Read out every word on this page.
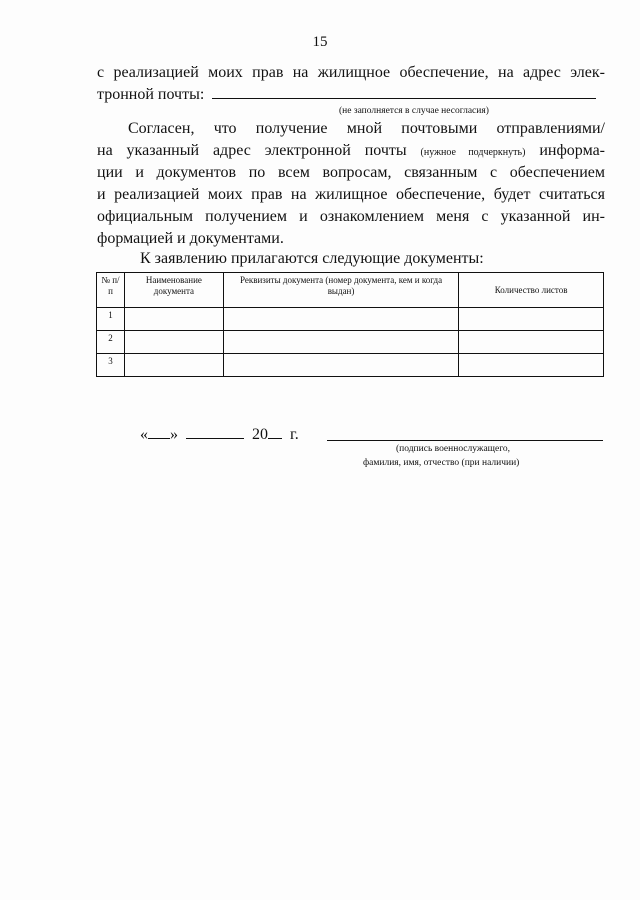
15
с реализацией моих прав на жилищное обеспечение, на адрес элек-
тронной почты:
(не заполняется в случае несогласия)
Согласен, что получение мной почтовыми отправлениями/
на указанный адрес электронной почты (нужное подчеркнуть) информа-
ции и документов по всем вопросам, связанным с обеспечением
и реализацией моих прав на жилищное обеспечение, будет считаться
официальным получением и ознакомлением меня с указанной ин-
формацией и документами.
К заявлению прилагаются следующие документы:
№ п/п	Наименование документа	Реквизиты документа (номер документа, кем и когда выдан)	Количество листов
1			
2			
3			
« »	20 г.
(подпись военнослужащего,
фамилия, имя, отчество (при наличии)
